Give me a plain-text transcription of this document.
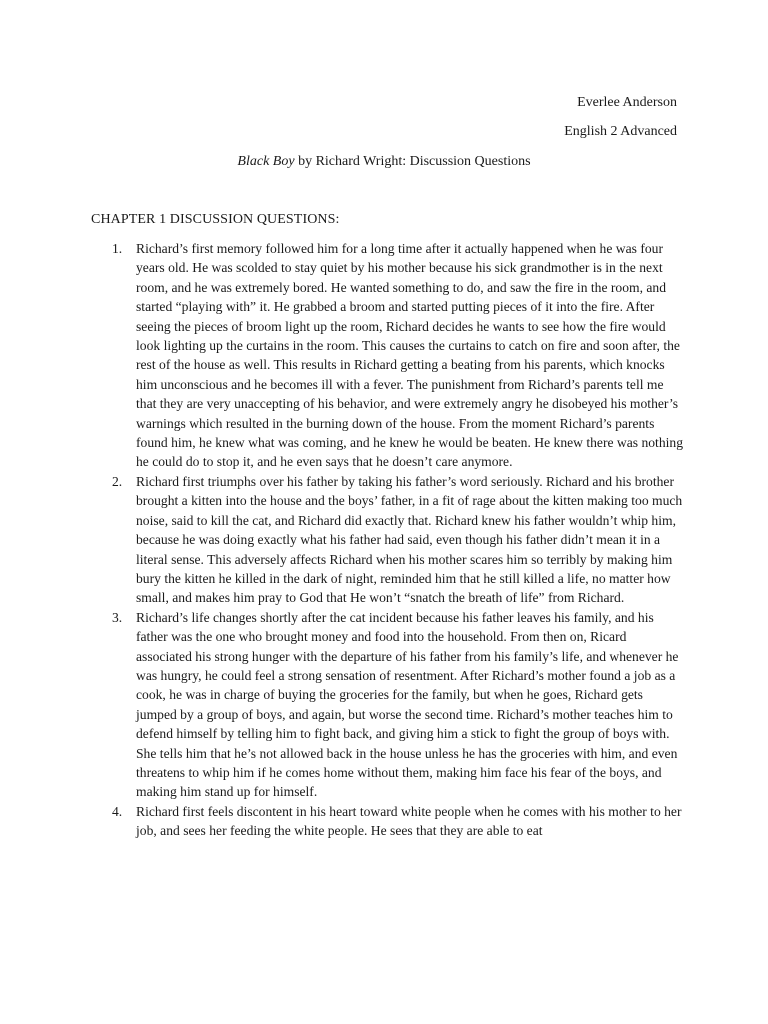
Everlee Anderson
English 2 Advanced
Black Boy by Richard Wright: Discussion Questions
CHAPTER 1 DISCUSSION QUESTIONS:
1. Richard’s first memory followed him for a long time after it actually happened when he was four years old. He was scolded to stay quiet by his mother because his sick grandmother is in the next room, and he was extremely bored. He wanted something to do, and saw the fire in the room, and started “playing with” it. He grabbed a broom and started putting pieces of it into the fire. After seeing the pieces of broom light up the room, Richard decides he wants to see how the fire would look lighting up the curtains in the room. This causes the curtains to catch on fire and soon after, the rest of the house as well. This results in Richard getting a beating from his parents, which knocks him unconscious and he becomes ill with a fever. The punishment from Richard’s parents tell me that they are very unaccepting of his behavior, and were extremely angry he disobeyed his mother’s warnings which resulted in the burning down of the house. From the moment Richard’s parents found him, he knew what was coming, and he knew he would be beaten. He knew there was nothing he could do to stop it, and he even says that he doesn’t care anymore.
2. Richard first triumphs over his father by taking his father’s word seriously. Richard and his brother brought a kitten into the house and the boys’ father, in a fit of rage about the kitten making too much noise, said to kill the cat, and Richard did exactly that. Richard knew his father wouldn’t whip him, because he was doing exactly what his father had said, even though his father didn’t mean it in a literal sense. This adversely affects Richard when his mother scares him so terribly by making him bury the kitten he killed in the dark of night, reminded him that he still killed a life, no matter how small, and makes him pray to God that He won’t “snatch the breath of life” from Richard.
3. Richard’s life changes shortly after the cat incident because his father leaves his family, and his father was the one who brought money and food into the household. From then on, Ricard associated his strong hunger with the departure of his father from his family’s life, and whenever he was hungry, he could feel a strong sensation of resentment. After Richard’s mother found a job as a cook, he was in charge of buying the groceries for the family, but when he goes, Richard gets jumped by a group of boys, and again, but worse the second time. Richard’s mother teaches him to defend himself by telling him to fight back, and giving him a stick to fight the group of boys with. She tells him that he’s not allowed back in the house unless he has the groceries with him, and even threatens to whip him if he comes home without them, making him face his fear of the boys, and making him stand up for himself.
4. Richard first feels discontent in his heart toward white people when he comes with his mother to her job, and sees her feeding the white people. He sees that they are able to eat
